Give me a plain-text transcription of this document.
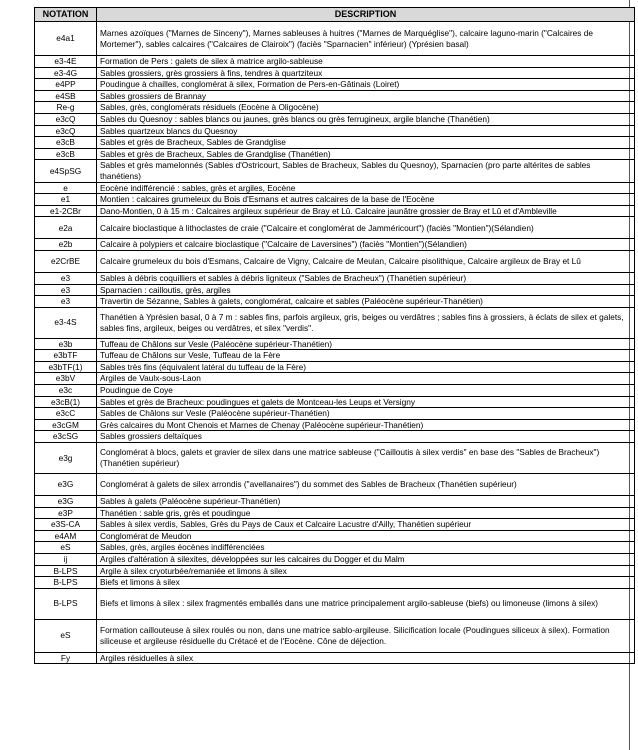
NOTATION	DESCRIPTION
e4a1	Marnes azoïques ("Marnes de Sinceny"), Marnes sableuses à huitres ("Marnes de Marquéglise"), calcaire laguno-marin ("Calcaires de Mortemer"), sables calcaires ("Calcaires de Clairoix") (faciès "Sparnacien" inférieur) (Yprésien basal)
e3-4E	Formation de Pers : galets de silex à matrice argilo-sableuse
e3-4G	Sables grossiers, grès grossiers à fins, tendres à quartziteux
e4PP	Poudingue à chailles, conglomérat à silex, Formation de Pers-en-Gâtinais (Loiret)
e4SB	Sables grossiers de Brannay
Re-g	Sables, grès, conglomérats résiduels (Eocène à Oligocène)
e3cQ	Sables du Quesnoy : sables blancs ou jaunes, grès blancs ou grès ferrugineux, argile blanche (Thanétien)
e3cQ	Sables quartzeux blancs du Quesnoy
e3cB	Sables et grès de Bracheux, Sables de Grandglise
e3cB	Sables et grès de Bracheux, Sables de Grandglise (Thanétien)
e4SpSG	Sables et grès mamelonnés (Sables d'Ostricourt, Sables de Bracheux, Sables du Quesnoy), Sparnacien (pro parte altérites de sables thanétiens)
e	Eocène indifférencié : sables, grès et argiles, Eocène
e1	Montien : calcaires grumeleux du Bois d'Esmans et autres calcaires de la base de l'Eocène
e1-2CBr	Dano-Montien, 0 à 15 m : Calcaires argileux supérieur de Bray et Lû. Calcaire jaunâtre grossier de Bray et Lû et d'Ambleville
e2a	Calcaire bioclastique à lithoclastes de craie ("Calcaire et conglomérat de Jamméricourt") (faciès "Montien")(Sélandien)
e2b	Calcaire à polypiers et calcaire bioclastique ("Calcaire de Laversines") (faciès "Montien")(Sélandien)
e2CrBE	Calcaire grumeleux du bois d'Esmans, Calcaire de Vigny, Calcaire de Meulan, Calcaire pisolithique, Calcaire argileux de Bray et Lû
e3	Sables à débris coquilliers et sables à débris ligniteux ("Sables de Bracheux") (Thanétien supérieur)
e3	Sparnacien : cailloutis, grès, argiles
e3	Travertin de Sézanne, Sables à galets, conglomérat, calcaire et sables (Paléocène supérieur-Thanétien)
e3-4S	Thanétien à Yprésien basal, 0 à 7 m : sables fins, parfois argileux, gris, beiges ou verdâtres ; sables fins à grossiers, à éclats de silex et galets, sables fins, argileux, beiges ou verdâtres, et silex "verdis".
e3b	Tuffeau de Châlons sur Vesle (Paléocène supérieur-Thanétien)
e3bTF	Tuffeau de Châlons sur Vesle, Tuffeau de la Fère
e3bTF(1)	Sables très fins (équivalent latéral du tuffeau de la Fère)
e3bV	Argiles de Vaulx-sous-Laon
e3c	Poudingue de Coye
e3cB(1)	Sables et grès de Bracheux: poudingues et galets de Montceau-les Leups et Versigny
e3cC	Sables de Châlons sur Vesle (Paléocène supérieur-Thanétien)
e3cGM	Grès calcaires du Mont Chenois et Marnes de Chenay (Paléocène supérieur-Thanétien)
e3cSG	Sables grossiers deltaïques
e3g	Conglomérat à blocs, galets et gravier de silex dans une matrice sableuse ("Cailloutis à silex verdis" en base des "Sables de Bracheux") (Thanétien supérieur)
e3G	Conglomérat à galets de silex arrondis ("avellanaires") du sommet des Sables de Bracheux (Thanétien supérieur)
e3G	Sables à galets (Paléocène supérieur-Thanétien)
e3P	Thanétien : sable gris, grès et poudingue
e3S-CA	Sables à silex verdis, Sables, Grès du Pays de Caux et Calcaire Lacustre d'Ailly, Thanétien supérieur
e4AM	Conglomérat de Meudon
eS	Sables, grès, argiles éocènes indifférenciées
ij	Argiles d'altération à silexites, développées sur les calcaires du Dogger et du Malm
B-LPS	Argile à silex cryoturbée/remaniée et limons à silex
B-LPS	Biefs et limons à silex
B-LPS	Biefs et limons à silex : silex fragmentés emballés dans une matrice principalement argilo-sableuse (biefs) ou limoneuse (limons à silex)
eS	Formation caillouteuse à silex roulés ou non, dans une matrice sablo-argileuse. Silicification locale (Poudingues siliceux à silex). Formation siliceuse et argileuse résiduelle du Crétacé et de l'Eocène. Cône de déjection.
Fy	Argiles résiduelles à silex
